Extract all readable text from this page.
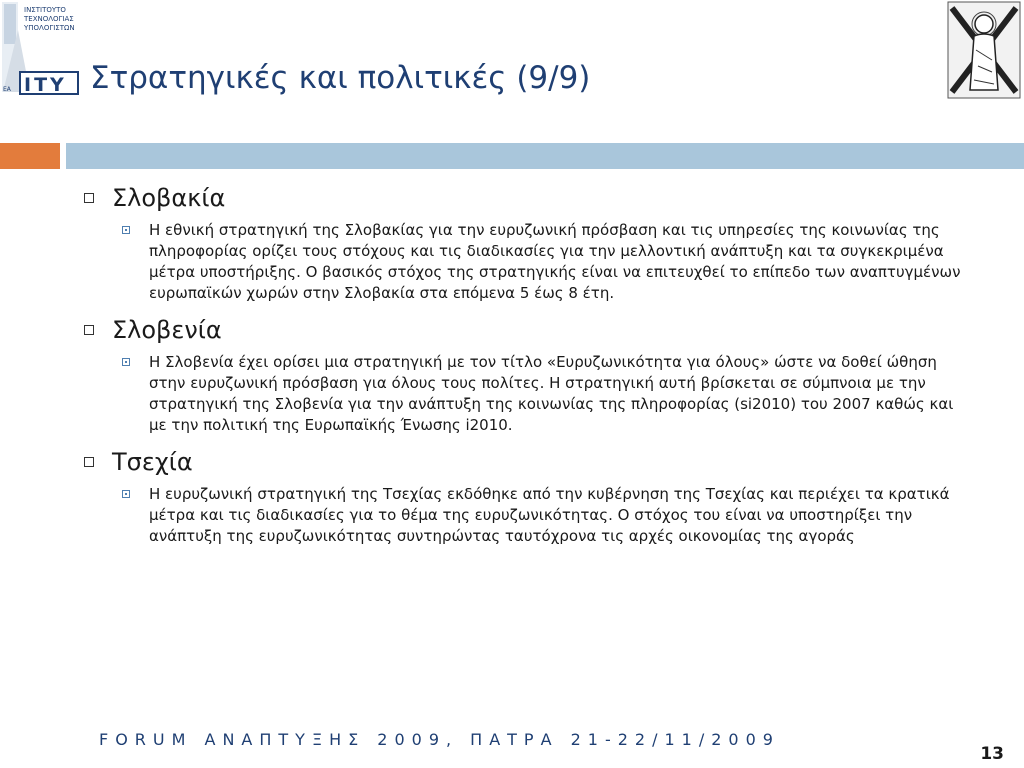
ΙΝΣΤΙΤΟΥΤΟ
ΤΕΧΝΟΛΟΓΙΑΣ
ΥΠΟΛΟΓΙΣΤΩΝ
ITY
ΕΑ	Στρατηγικές και πολιτικές (9/9)
Σλοβακία
Η εθνική στρατηγική της Σλοβακίας για την ευρυζωνική πρόσβαση και τις υπηρεσίες της κοινωνίας της πληροφορίας ορίζει τους στόχους και τις διαδικασίες για την μελλοντική ανάπτυξη και τα συγκεκριμένα μέτρα υποστήριξης. Ο βασικός στόχος της στρατηγικής είναι να επιτευχθεί το επίπεδο των αναπτυγμένων ευρωπαϊκών χωρών στην Σλοβακία στα επόμενα 5 έως 8 έτη.
Σλοβενία
Η Σλοβενία έχει ορίσει μια στρατηγική με τον τίτλο «Ευρυζωνικότητα για όλους» ώστε να δοθεί ώθηση στην ευρυζωνική πρόσβαση για όλους τους πολίτες. Η στρατηγική αυτή βρίσκεται σε σύμπνοια με την στρατηγική της Σλοβενία για την ανάπτυξη της κοινωνίας της πληροφορίας (si2010) του 2007 καθώς και με την πολιτική της Ευρωπαϊκής Ένωσης i2010.
Τσεχία
Η ευρυζωνική στρατηγική της Τσεχίας εκδόθηκε από την κυβέρνηση της Τσεχίας και περιέχει τα κρατικά μέτρα και τις διαδικασίες για το θέμα της ευρυζωνικότητας. Ο στόχος του είναι να υποστηρίξει την ανάπτυξη της ευρυζωνικότητας συντηρώντας ταυτόχρονα τις αρχές οικονομίας της αγοράς
FORUM ΑΝΑΠΤΥΞΗΣ 2009, ΠΑΤΡΑ 21-22/11/2009
13
